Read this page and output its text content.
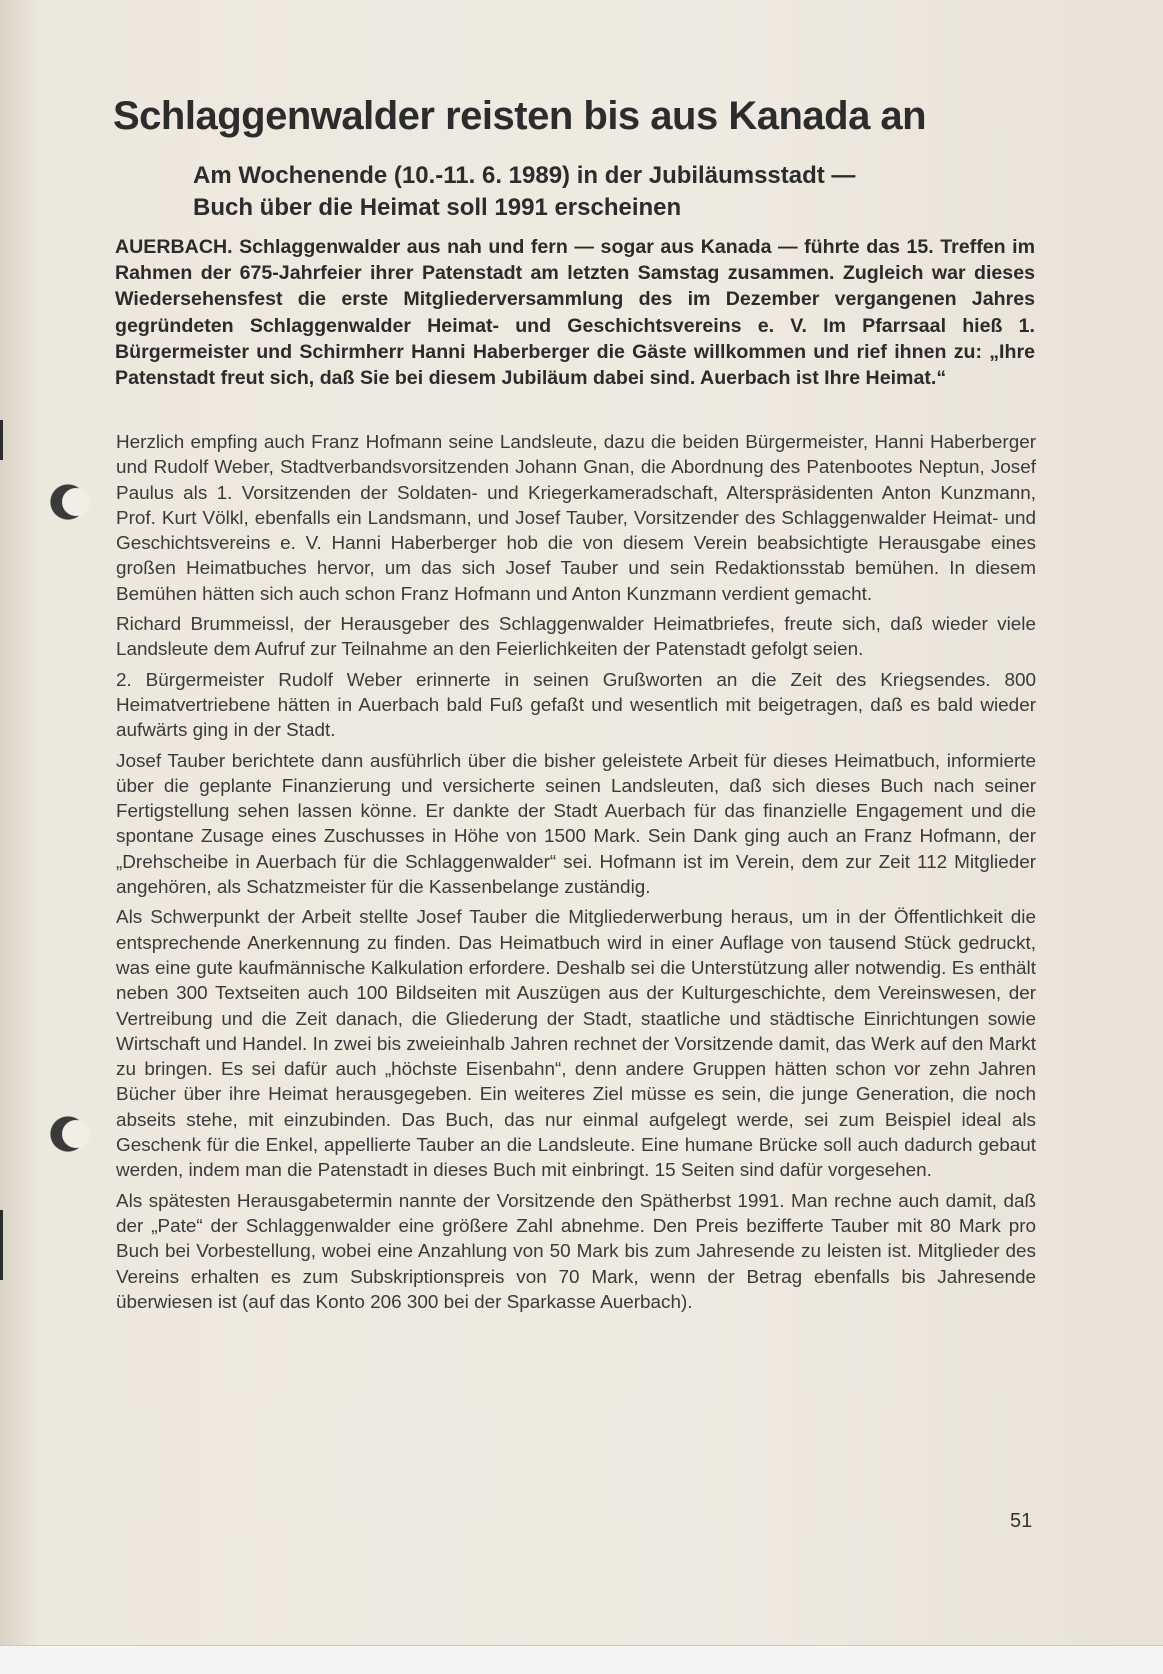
Schlaggenwalder reisten bis aus Kanada an
Am Wochenende (10.-11. 6. 1989) in der Jubiläumsstadt —
Buch über die Heimat soll 1991 erscheinen

AUERBACH. Schlaggenwalder aus nah und fern — sogar aus Kanada — führte das 15. Treffen im Rahmen der 675-Jahrfeier ihrer Patenstadt am letzten Samstag zusammen. Zugleich war dieses Wiedersehensfest die erste Mitgliederversammlung des im Dezember vergangenen Jahres gegründeten Schlaggenwalder Heimat- und Geschichtsvereins e. V. Im Pfarrsaal hieß 1. Bürgermeister und Schirmherr Hanni Haberberger die Gäste willkommen und rief ihnen zu: „Ihre Patenstadt freut sich, daß Sie bei diesem Jubiläum dabei sind. Auerbach ist Ihre Heimat.“

Herzlich empfing auch Franz Hofmann seine Landsleute, dazu die beiden Bürgermeister, Hanni Haberberger und Rudolf Weber, Stadtverbandsvorsitzenden Johann Gnan, die Abordnung des Patenbootes Neptun, Josef Paulus als 1. Vorsitzenden der Soldaten- und Kriegerkameradschaft, Alterspräsidenten Anton Kunzmann, Prof. Kurt Völkl, ebenfalls ein Landsmann, und Josef Tauber, Vorsitzender des Schlaggenwalder Heimat- und Geschichtsvereins e. V. Hanni Haberberger hob die von diesem Verein beabsichtigte Herausgabe eines großen Heimatbuches hervor, um das sich Josef Tauber und sein Redaktionsstab bemühen. In diesem Bemühen hätten sich auch schon Franz Hofmann und Anton Kunzmann verdient gemacht.

Richard Brummeissl, der Herausgeber des Schlaggenwalder Heimatbriefes, freute sich, daß wieder viele Landsleute dem Aufruf zur Teilnahme an den Feierlichkeiten der Patenstadt gefolgt seien.

2. Bürgermeister Rudolf Weber erinnerte in seinen Grußworten an die Zeit des Kriegsendes. 800 Heimatvertriebene hätten in Auerbach bald Fuß gefaßt und wesentlich mit beigetragen, daß es bald wieder aufwärts ging in der Stadt.

Josef Tauber berichtete dann ausführlich über die bisher geleistete Arbeit für dieses Heimatbuch, informierte über die geplante Finanzierung und versicherte seinen Landsleuten, daß sich dieses Buch nach seiner Fertigstellung sehen lassen könne. Er dankte der Stadt Auerbach für das finanzielle Engagement und die spontane Zusage eines Zuschusses in Höhe von 1500 Mark. Sein Dank ging auch an Franz Hofmann, der „Drehscheibe in Auerbach für die Schlaggenwalder“ sei. Hofmann ist im Verein, dem zur Zeit 112 Mitglieder angehören, als Schatzmeister für die Kassenbelange zuständig.

Als Schwerpunkt der Arbeit stellte Josef Tauber die Mitgliederwerbung heraus, um in der Öffentlichkeit die entsprechende Anerkennung zu finden. Das Heimatbuch wird in einer Auflage von tausend Stück gedruckt, was eine gute kaufmännische Kalkulation erfordere. Deshalb sei die Unterstützung aller notwendig. Es enthält neben 300 Textseiten auch 100 Bildseiten mit Auszügen aus der Kulturgeschichte, dem Vereinswesen, der Vertreibung und die Zeit danach, die Gliederung der Stadt, staatliche und städtische Einrichtungen sowie Wirtschaft und Handel. In zwei bis zweieinhalb Jahren rechnet der Vorsitzende damit, das Werk auf den Markt zu bringen. Es sei dafür auch „höchste Eisenbahn“, denn andere Gruppen hätten schon vor zehn Jahren Bücher über ihre Heimat herausgegeben. Ein weiteres Ziel müsse es sein, die junge Generation, die noch abseits stehe, mit einzubinden. Das Buch, das nur einmal aufgelegt werde, sei zum Beispiel ideal als Geschenk für die Enkel, appellierte Tauber an die Landsleute. Eine humane Brücke soll auch dadurch gebaut werden, indem man die Patenstadt in dieses Buch mit einbringt. 15 Seiten sind dafür vorgesehen.

Als spätesten Herausgabetermin nannte der Vorsitzende den Spätherbst 1991. Man rechne auch damit, daß der „Pate“ der Schlaggenwalder eine größere Zahl abnehme. Den Preis bezifferte Tauber mit 80 Mark pro Buch bei Vorbestellung, wobei eine Anzahlung von 50 Mark bis zum Jahresende zu leisten ist. Mitglieder des Vereins erhalten es zum Subskriptionspreis von 70 Mark, wenn der Betrag ebenfalls bis Jahresende überwiesen ist (auf das Konto 206 300 bei der Sparkasse Auerbach).

51
